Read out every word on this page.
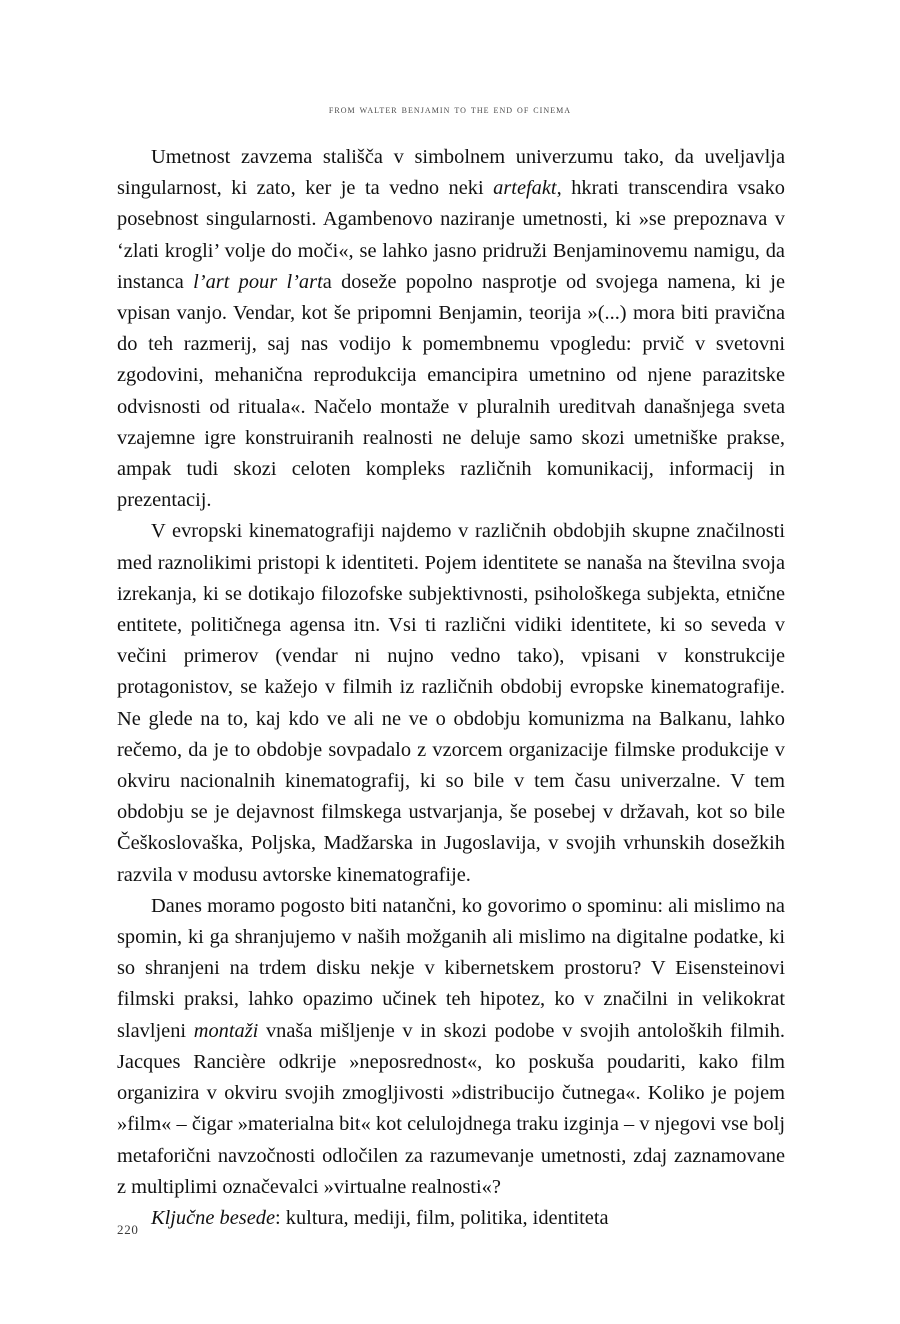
from walter benjamin to the end of cinema

Umetnost zavzema stališča v simbolnem univerzumu tako, da uveljavlja singularnost, ki zato, ker je ta vedno neki artefakt, hkrati transcendira vsako posebnost singularnosti. Agambenovo naziranje umetnosti, ki »se prepoznava v ‘zlati krogli’ volje do moči«, se lahko jasno pridruži Benjaminovemu namigu, da instanca l’art pour l’arta doseže popolno nasprotje od svojega namena, ki je vpisan vanjo. Vendar, kot še pripomni Benjamin, teorija »(...) mora biti pravična do teh razmerij, saj nas vodijo k pomembnemu vpogledu: prvič v svetovni zgodovini, mehanična reprodukcija emancipira umetnino od njene parazitske odvisnosti od rituala«. Načelo montaže v pluralnih ureditvah današnjega sveta vzajemne igre konstruiranih realnosti ne deluje samo skozi umetniške prakse, ampak tudi skozi celoten kompleks različnih komunikacij, informacij in prezentacij.

V evropski kinematografiji najdemo v različnih obdobjih skupne značilnosti med raznolikimi pristopi k identiteti. Pojem identitete se nanaša na številna svoja izrekanja, ki se dotikajo filozofske subjektivnosti, psihološkega subjekta, etnične entitete, političnega agensa itn. Vsi ti različni vidiki identitete, ki so seveda v večini primerov (vendar ni nujno vedno tako), vpisani v konstrukcije protagonistov, se kažejo v filmih iz različnih obdobij evropske kinematografije. Ne glede na to, kaj kdo ve ali ne ve o obdobju komunizma na Balkanu, lahko rečemo, da je to obdobje sovpadalo z vzorcem organizacije filmske produkcije v okviru nacionalnih kinematografij, ki so bile v tem času univerzalne. V tem obdobju se je dejavnost filmskega ustvarjanja, še posebej v državah, kot so bile Češkoslovaška, Poljska, Madžarska in Jugoslavija, v svojih vrhunskih dosežkih razvila v modusu avtorske kinematografije.

Danes moramo pogosto biti natančni, ko govorimo o spominu: ali mislimo na spomin, ki ga shranjujemo v naših možganih ali mislimo na digitalne podatke, ki so shranjeni na trdem disku nekje v kibernetskem prostoru? V Eisensteinovi filmski praksi, lahko opazimo učinek teh hipotez, ko v značilni in velikokrat slavljeni montaži vnaša mišljenje v in skozi podobe v svojih antoloških filmih. Jacques Rancière odkrije »neposrednost«, ko poskuša poudariti, kako film organizira v okviru svojih zmogljivosti »distribucijo čutnega«. Koliko je pojem »film« – čigar »materialna bit« kot celulojdnega traku izginja – v njegovi vse bolj metaforični navzočnosti odločilen za razumevanje umetnosti, zdaj zaznamovane z multiplimi označevalci »virtualne realnosti«?

Ključne besede: kultura, mediji, film, politika, identiteta

220
